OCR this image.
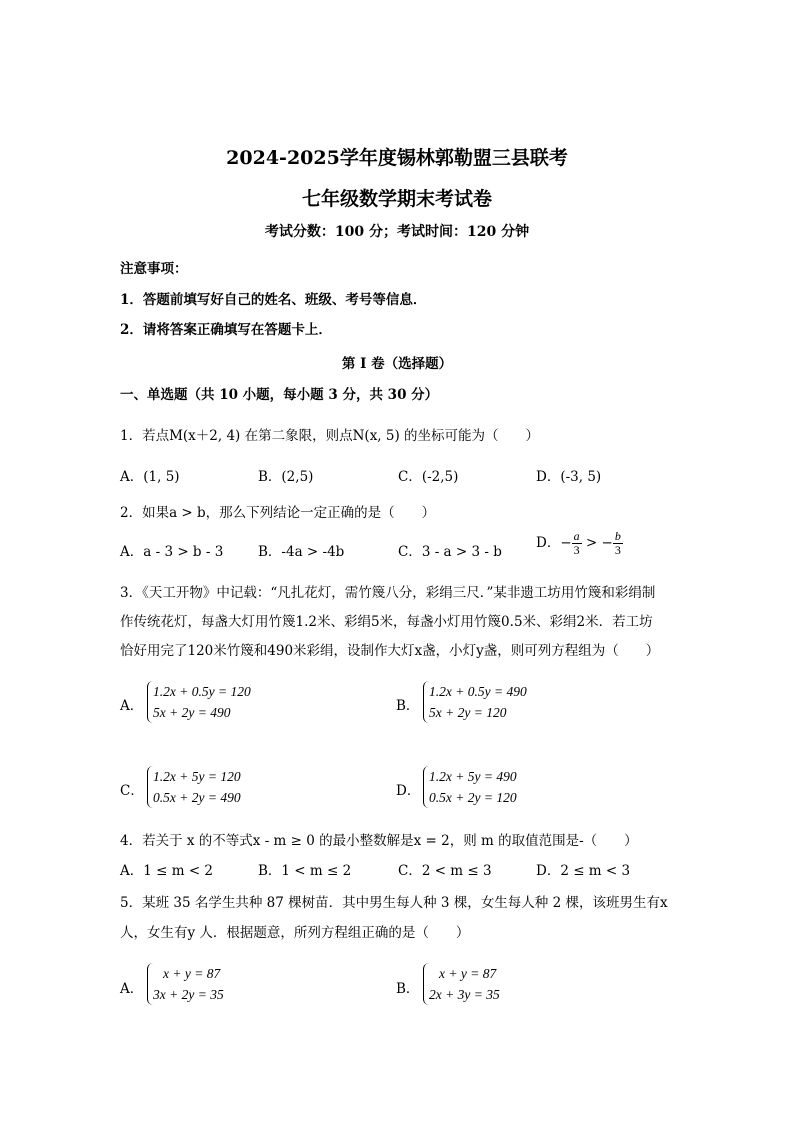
2024-2025学年度锡林郭勒盟三县联考
七年级数学期末考试卷
考试分数：100 分；考试时间：120 分钟
注意事项：
1．答题前填写好自己的姓名、班级、考号等信息．
2．请将答案正确填写在答题卡上．
第 I 卷（选择题）
一、单选题（共 10 小题，每小题 3 分，共 30 分）
1．若点M(x＋2, 4) 在第二象限，则点N(x, 5) 的坐标可能为（　　）
A．(1, 5)	B．(2,5)	C．(-2,5)	D．(-3, 5)
2．如果a > b，那么下列结论一定正确的是（　　）
A．a - 3 > b - 3	B．-4a > -4b	C．3 - a > 3 - b
D．− $\frac{a}{3}$ > − $\frac{b}{3}$
3．《天工开物》中记载：“凡扎花灯，需竹篾八分，彩绢三尺．”某非遗工坊用竹篾和彩绢制
作传统花灯，每盏大灯用竹篾1.2米、彩绢5米，每盏小灯用竹篾0.5米、彩绢2米．若工坊
恰好用完了120米竹篾和490米彩绢，设制作大灯x盏，小灯y盏，则可列方程组为（　　）
A．
1.2x + 0.5y = 120
5x + 2y = 490	B．
1.2x + 0.5y = 490
5x + 2y = 120
C．
1.2x + 5y = 120
0.5x + 2y = 490	D．
1.2x + 5y = 490
0.5x + 2y = 120
4．若关于 x 的不等式x - m ≥ 0 的最小整数解是x = 2，则 m 的取值范围是-（　　）
A．1 ≤ m < 2	B．1 < m ≤ 2	C．2 < m ≤ 3	D．2 ≤ m < 3
5．某班 35 名学生共种 87 棵树苗．其中男生每人种 3 棵，女生每人种 2 棵，该班男生有x
人，女生有y 人．根据题意，所列方程组正确的是（　　）
A．
x + y = 87
3x + 2y = 35	B．
x + y = 87
2x + 3y = 35
